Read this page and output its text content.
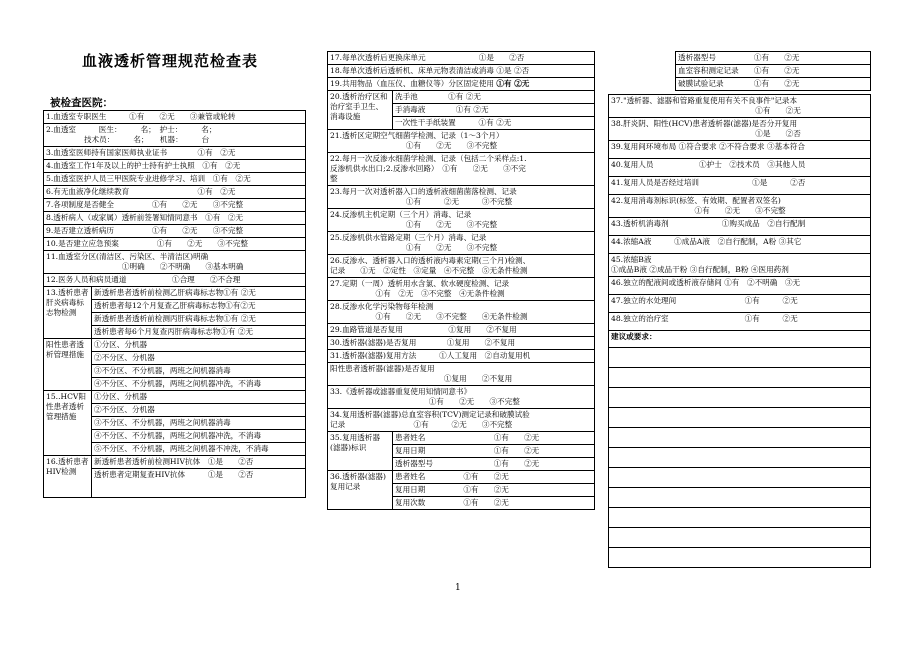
血液透析管理规范检查表
被检查医院：
1.血透室专职医生　　　①有　　②无　　③兼管或轮转	

2.血透室　　　医生：　　　名；　护士：　　　名；
　　　　　技术员：　　　名；　　机器：　　　台	

3.血透室医师持有国家医师执业证书　　　　①有　②无	
4.血透室工作1年及以上的护士持有护士执照　①有　②无	
5.血透室医护人员三甲医院专业进修学习、培训　①有　②无	
6.有无血液净化继续教育　　　　　　　　　①有　②无	
7.各项制度是否健全　　　　　①有　　②无　　③不完整	
8.透析病人（或家属）透析前签署知情同意书　①有　②无	
9.是否建立透析病历　　　　　①有　　②无　　③不完整	
10.是否建立应急预案　　　　　①有　　②无　　③不完整	

11.血透室分区(清洁区、污染区、半清洁区)明确
　　　　　　　　　　①明确　　②不明确　　③基本明确	

12.医务人员和病员通道　　　　　　①合理　　②不合理	
13.透析患者肝炎病毒标志物检测	新透析患者透析前检测乙肝病毒标志物①有 ②无
	透析患者每12个月复查乙肝病毒标志物①有②无
	新透析患者透析前检测丙肝病毒标志物①有 ②无
	透析患者每6个月复查丙肝病毒标志物①有 ②无
阳性患者透析管理措施	①分区、分机器
	②不分区、分机器
	③不分区、不分机器，两班之间机器消毒
	④不分区、不分机器，两班之间机器冲洗，不消毒
15..HCV阳性患者透析管理措施	①分区、分机器
	②不分区、分机器
	③不分区、不分机器，两班之间机器消毒
	④不分区、不分机器，两班之间机器冲洗，不消毒
	⑤不分区、不分机器，两班之间机器不冲洗，不消毒
16.透析患者HIV检测	新透析患者透析前检测HIV抗体　①是　　②否
	透析患者定期复查HIV抗体　　　①是　　②否
17.每单次透析后更换床单元　　　　　　　①是　　②否	
18.每单次透析后透析机、床单元物表清洁或消毒 ①是 ②否	
19.共用物品（血压仪、血糖仪等）分区固定使用 ①有 ②无	
20.透析治疗区和治疗室手卫生、消毒设施	洗手池　　　　①有 ②无
	手消毒液　　　　①有 ②无
	一次性干手纸装置　　　①有 ②无

21.透析区定期空气细菌学检测、记录（1～3个月）
　　　　　　　　　　①有　　②无　　③不完整	

22.每月一次反渗水细菌学检测、记录（包括二个采样点:1.
反渗机供水出口;2.反渗水回路）　①有　　②无　　③不完
整	

23.每月一次对透析器入口的透析液细菌菌落检测、记录
　　　　　　　　　　①有　　　②无　　　③不完整	

24.反渗机主机定期（三个月）消毒、记录
　　　　　　　　　　①有　　②无　　③不完整	

25.反渗机供水管路定期（三个月）消毒、记录
　　　　　　　　　　①有　　②无　　③不完整	

26.反渗水、透析器入口的透析液内毒素定期(三个月)检测、
记录　　①无　②定性　③定量　④不完整　⑤无条件检测	

27.定期（一周）透析用水含氯、软水硬度检测、记录
　　　　　　①有　②无　③不完整　④无条件检测	

28.反渗水化学污染物每年检测
　　　　　　①有　　②无　　③不完整　　④无条件检测	

29.血路管道是否复用　　　　　　①复用　　②不复用	
30.透析器(滤器)是否复用　　　　①复用　　②不复用	
31.透析器(滤器)复用方法　　　①人工复用　②自动复用机	

阳性患者透析器(滤器)是否复用
　　　　　　　　　　　　　　　①复用　　②不复用	

33.《透析器或滤器重复使用知情同意书》
　　　　　　　　　　　　　①有　　②无　　③不完整	

34.复用透析器(滤器)总血室容积(TCV)测定记录和破膜试验
记录　　　　　　　　　①有　　　②无　　③不完整	

35.复用透析器(滤器)标识	患者姓名　　　　　　　　　①有　　②无
	复用日期　　　　　　　　　①有　　②无
	透析器型号　　　　　　　　①有　　②无
36.透析器(滤器)复用记录	患者姓名　　　　　①有　　②无
	复用日期　　　　　①有　　②无
	复用次数　　　　　①有　　②无
透析器型号　　　　　①有　　②无
血室容积测定记录　　①有　　②无
破膜试验记录　　　　①有　　②无
37."透析器、滤器和管路重复使用有关不良事件"记录本
　　　　　　　　　　　　　　　　　　　①有　　②无

38.肝炎阴、阳性(HCV)患者透析器(滤器)是否分开复用
　　　　　　　　　　　　　　　　　　　①是　　②否

39.复用间环境布局 ①符合要求 ②不符合要求 ③基本符合
40.复用人员　　　　　　①护士　②技术员　③其他人员
41.复用人员是否经过培训　　　　　　　①是　　　②否

42.复用消毒剂标识(标签、有效期、配置者双签名)
　　　　　　　　　　　①有　　②无　　③不完整

43.透析机消毒剂　　　　　　　①购买成品　②自行配制
44.浓缩A液　　　①成品A液　②自行配制，A粉 ③其它

45.浓缩B液
①成品B液 ②成品干粉 ③自行配制，B粉 ④医用药剂

46.独立的配液间或透析液存储间 ①有　②不明确　③无
47.独立的水处理间　　　　　　　　　①有　　　②无
48.独立的治疗室　　　　　　　　　　①有　　　②无
建议或要求：

1
